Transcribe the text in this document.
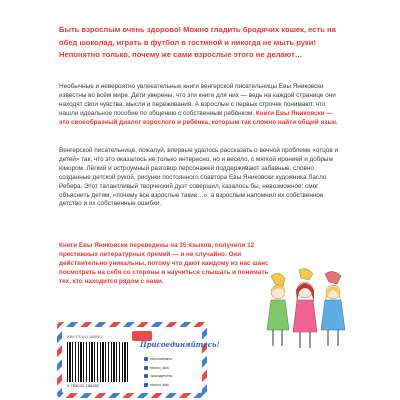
Быть взрослым очень здорово! Можно гладить бродячих кошек, есть на обед шоколад, играть в футбол в гостиной и никогда не мыть руки! Непонятно только, почему же сами взрослые этого не делают…
Необычные и невероятно увлекательные книги венгерской писательницы Евы Яниковски известны во всём мире. Дети уверены, что эти книги для них — ведь на каждой странице они находят свои чувства, мысли и переживания. А взрослые с первых строчек понимают, что нашли идеальное пособие по общению с собственным ребёнком. Книги Евы Яниковски — это своеобразный диалог взрослого и ребёнка, которым так сложно найти общий язык.
Венгерской писательнице, пожалуй, впервые удалось рассказать о вечной проблеме «отцов и детей» так, что это оказалось не только интересно, но и весело, с мягкой иронией и добрым юмором. Лёгкий и остроумный разговор персонажей поддерживают забавные, словно созданные детской рукой, рисунки постоянного соавтора Евы Яниковски художника Ласло Ребера. Этот талантливый творческий дуэт совершил, казалось бы, невозможное: смог объяснить детям, «почему все взрослые такие…», а взрослым напомнил их собственное детство и их собственные ошибки.
Книги Евы Яниковски переведены на 35 языков, получили 12 престижных литературных премий — и не случайно. Они действительно уникальны, потому что дают каждому из нас шанс посмотреть на себя со стороны и научиться слышать и понимать тех, кто находится рядом с нами.
ISBN 978-5-04-116895-2
9 785041 168952
Присоединяйтесь!
eksmodetstvo
eksmo_kids
эксмодетство
eksmo_kids
